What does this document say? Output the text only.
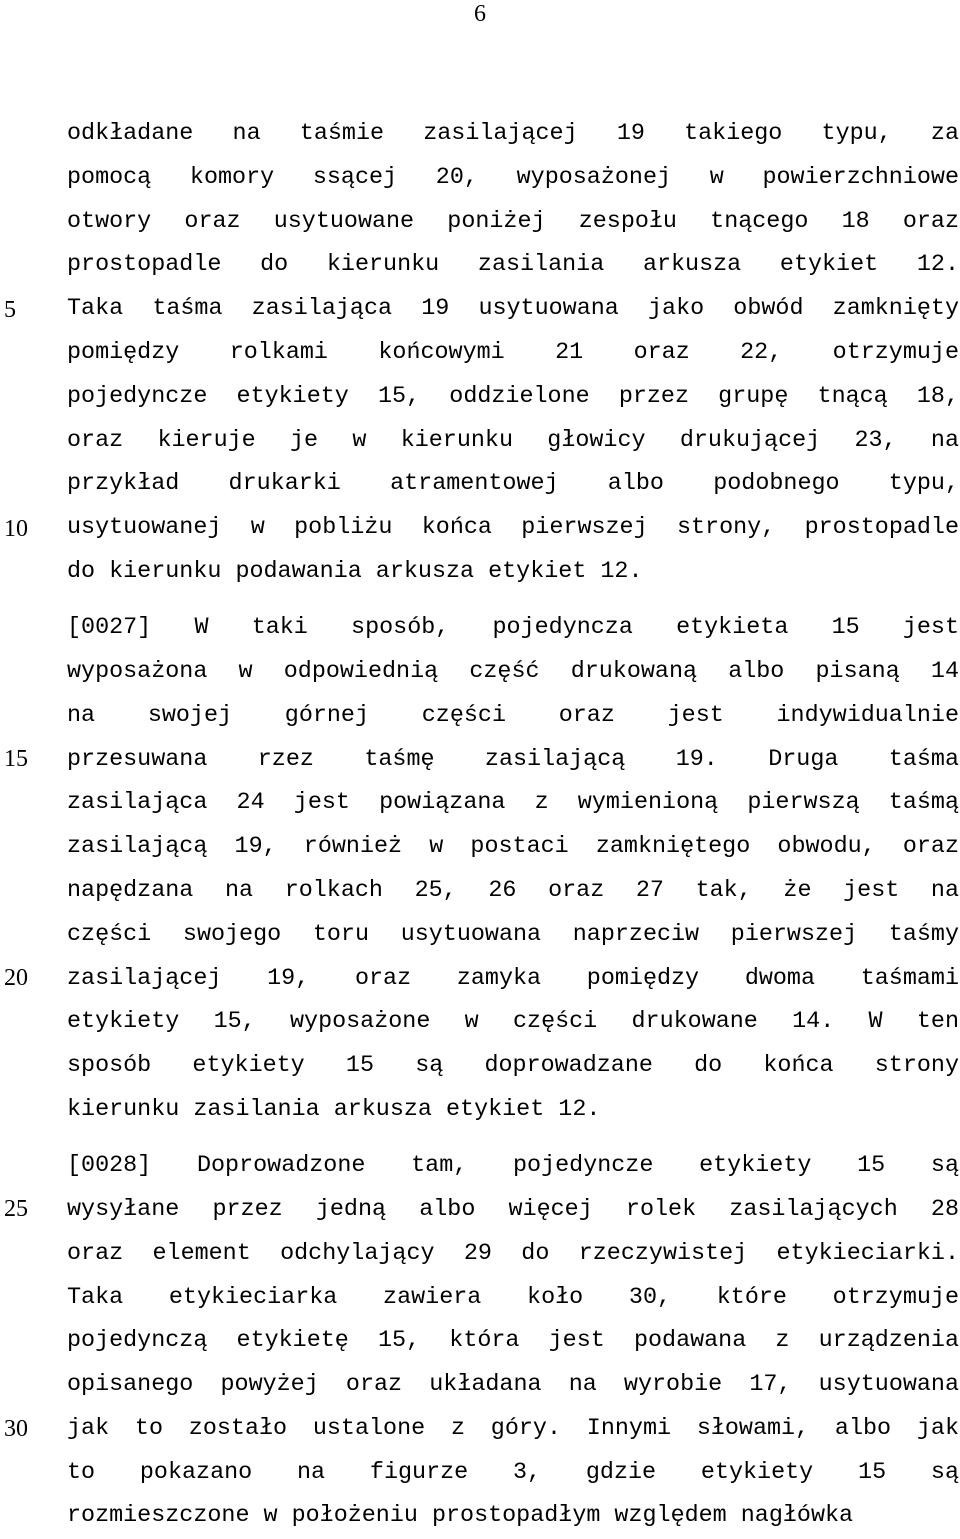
6
5
10
15
20
25
30
odkładane na taśmie zasilającej 19 takiego typu, za
pomocą komory ssącej 20, wyposażonej w powierzchniowe
otwory oraz usytuowane poniżej zespołu tnącego 18 oraz
prostopadle do kierunku zasilania arkusza etykiet 12.
Taka taśma zasilająca 19 usytuowana jako obwód zamknięty
pomiędzy rolkami końcowymi 21 oraz 22, otrzymuje
pojedyncze etykiety 15, oddzielone przez grupę tnącą 18,
oraz kieruje je w kierunku głowicy drukującej 23, na
przykład drukarki atramentowej albo podobnego typu,
usytuowanej w pobliżu końca pierwszej strony, prostopadle
do kierunku podawania arkusza etykiet 12.
[0027] W taki sposób, pojedyncza etykieta 15 jest
wyposażona w odpowiednią część drukowaną albo pisaną 14
na swojej górnej części oraz jest indywidualnie
przesuwana rzez taśmę zasilającą 19. Druga taśma
zasilająca 24 jest powiązana z wymienioną pierwszą taśmą
zasilającą 19, również w postaci zamkniętego obwodu, oraz
napędzana na rolkach 25, 26 oraz 27 tak, że jest na
części swojego toru usytuowana naprzeciw pierwszej taśmy
zasilającej 19, oraz zamyka pomiędzy dwoma taśmami
etykiety 15, wyposażone w części drukowane 14. W ten
sposób etykiety 15 są doprowadzane do końca strony
kierunku zasilania arkusza etykiet 12.
[0028] Doprowadzone tam, pojedyncze etykiety 15 są
wysyłane przez jedną albo więcej rolek zasilających 28
oraz element odchylający 29 do rzeczywistej etykieciarki.
Taka etykieciarka zawiera koło 30, które otrzymuje
pojedynczą etykietę 15, która jest podawana z urządzenia
opisanego powyżej oraz układana na wyrobie 17, usytuowana
jak to zostało ustalone z góry. Innymi słowami, albo jak
to pokazano na figurze 3, gdzie etykiety 15 są
rozmieszczone w położeniu prostopadłym względem nagłówka
